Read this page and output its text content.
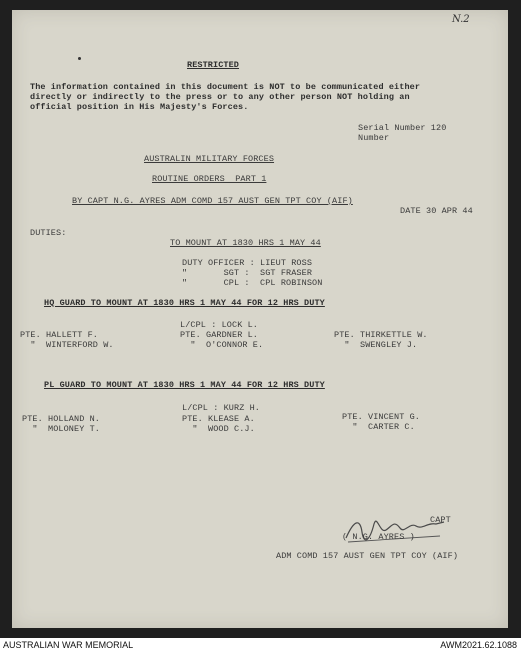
N.2
RESTRICTED
The information contained in this document is NOT to be communicated either
directly or indirectly to the press or to any other person NOT holding an
official position in His Majesty's Forces.
Serial Number 120
Number
AUSTRALIN MILITARY FORCES
ROUTINE ORDERS  PART 1
BY CAPT N.G. AYRES ADM COMD 157 AUST GEN TPT COY (AIF)
DATE 30 APR 44
DUTIES:
TO MOUNT AT 1830 HRS 1 MAY 44
DUTY OFFICER : LIEUT ROSS
"       SGT :  SGT FRASER
"       CPL :  CPL ROBINSON
HQ GUARD TO MOUNT AT 1830 HRS 1 MAY 44 FOR 12 HRS DUTY
L/CPL : LOCK L.
PTE. HALLETT F.
"  WINTERFORD W.
PTE. GARDNER L.
"  O'CONNOR E.
PTE. THIRKETTLE W.
"  SWENGLEY J.
PL GUARD TO MOUNT AT 1830 HRS 1 MAY 44 FOR 12 HRS DUTY
L/CPL : KURZ H.
PTE. HOLLAND N.
"  MOLONEY T.
PTE. KLEASE A.
"  WOOD C.J.
PTE. VINCENT G.
"  CARTER C.
CAPT
( N.G. AYRES )
ADM COMD 157 AUST GEN TPT COY (AIF)
AUSTRALIAN WAR MEMORIAL	AWM2021.62.1088
